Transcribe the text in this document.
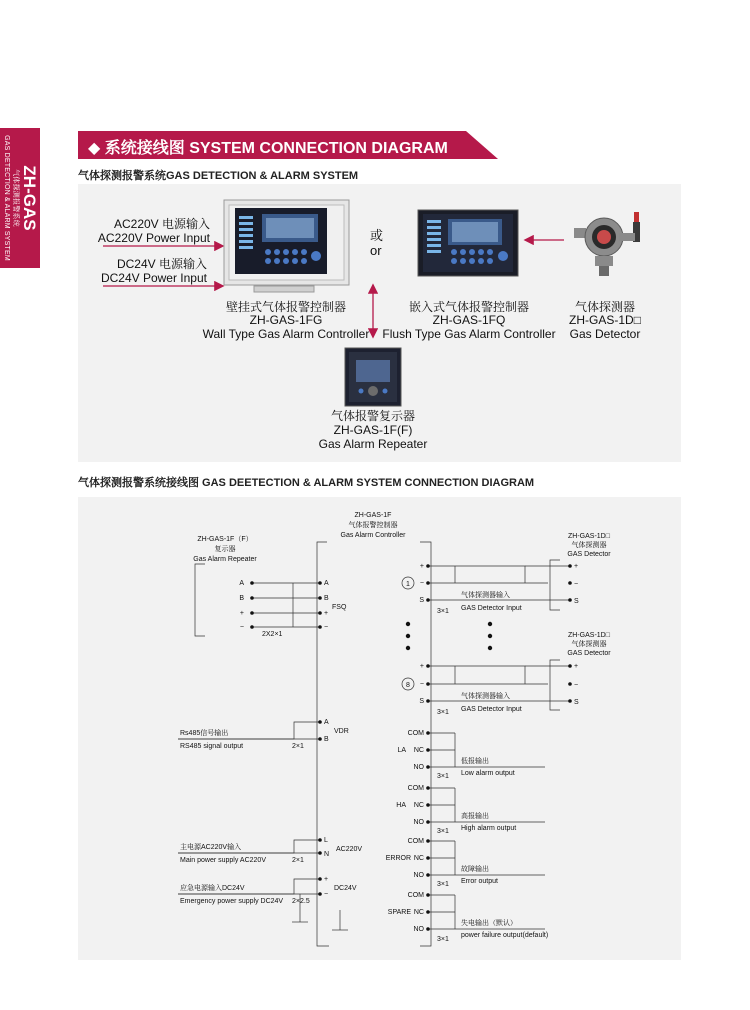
ZH-GAS
气体探测报警系统
GAS DETECTION & ALARM SYSTEM	◆ 系统接线图 SYSTEM CONNECTION DIAGRAM
气体探测报警系统GAS DETECTION & ALARM SYSTEM
AC220V 电源输入
AC220V Power Input
DC24V 电源输入
DC24V Power Input
或
or
壁挂式气体报警控制器
ZH-GAS-1FG
Wall Type Gas Alarm Controller
嵌入式气体报警控制器
ZH-GAS-1FQ
Flush Type Gas Alarm Controller
气体探测器
ZH-GAS-1D□
Gas Detector
气体报警复示器
ZH-GAS-1F(F)
Gas Alarm Repeater
气体探测报警系统接线图 GAS DEETECTION & ALARM SYSTEM CONNECTION DIAGRAM
ZH-GAS-1F
气体报警控制器
Gas Alarm Controller
ZH-GAS-1F（F）
复示器
Gas Alarm Repeater
A
B
+
−
A
B
+
−
FSQ
2X2×1
A
B
VDR
Rs485信号输出
RS485 signal output	2×1
L
N
AC220V
主电源AC220V输入
Main power supply AC220V	2×1
+
−
DC24V
应急电源输入DC24V
Emergency power supply DC24V 2×2.5
+
−
S
1
气体探测器输入
GAS Detector Input
3×1
ZH-GAS-1D□
气体探测器
GAS Detector
+
−
S
+
−
S
8
气体探测器输入
GAS Detector Input
3×1
ZH-GAS-1D□
气体探测器
GAS Detector
+
−
S
COM
NC
LA
NO
低报输出
Low alarm output
3×1
COM
NC
HA
NO
高报输出
High alarm output
3×1
COM
NC
ERROR
NO
故障输出
Error output
3×1
COM
NC
SPARE
NO
失电输出（默认）
power failure output(default)
3×1
